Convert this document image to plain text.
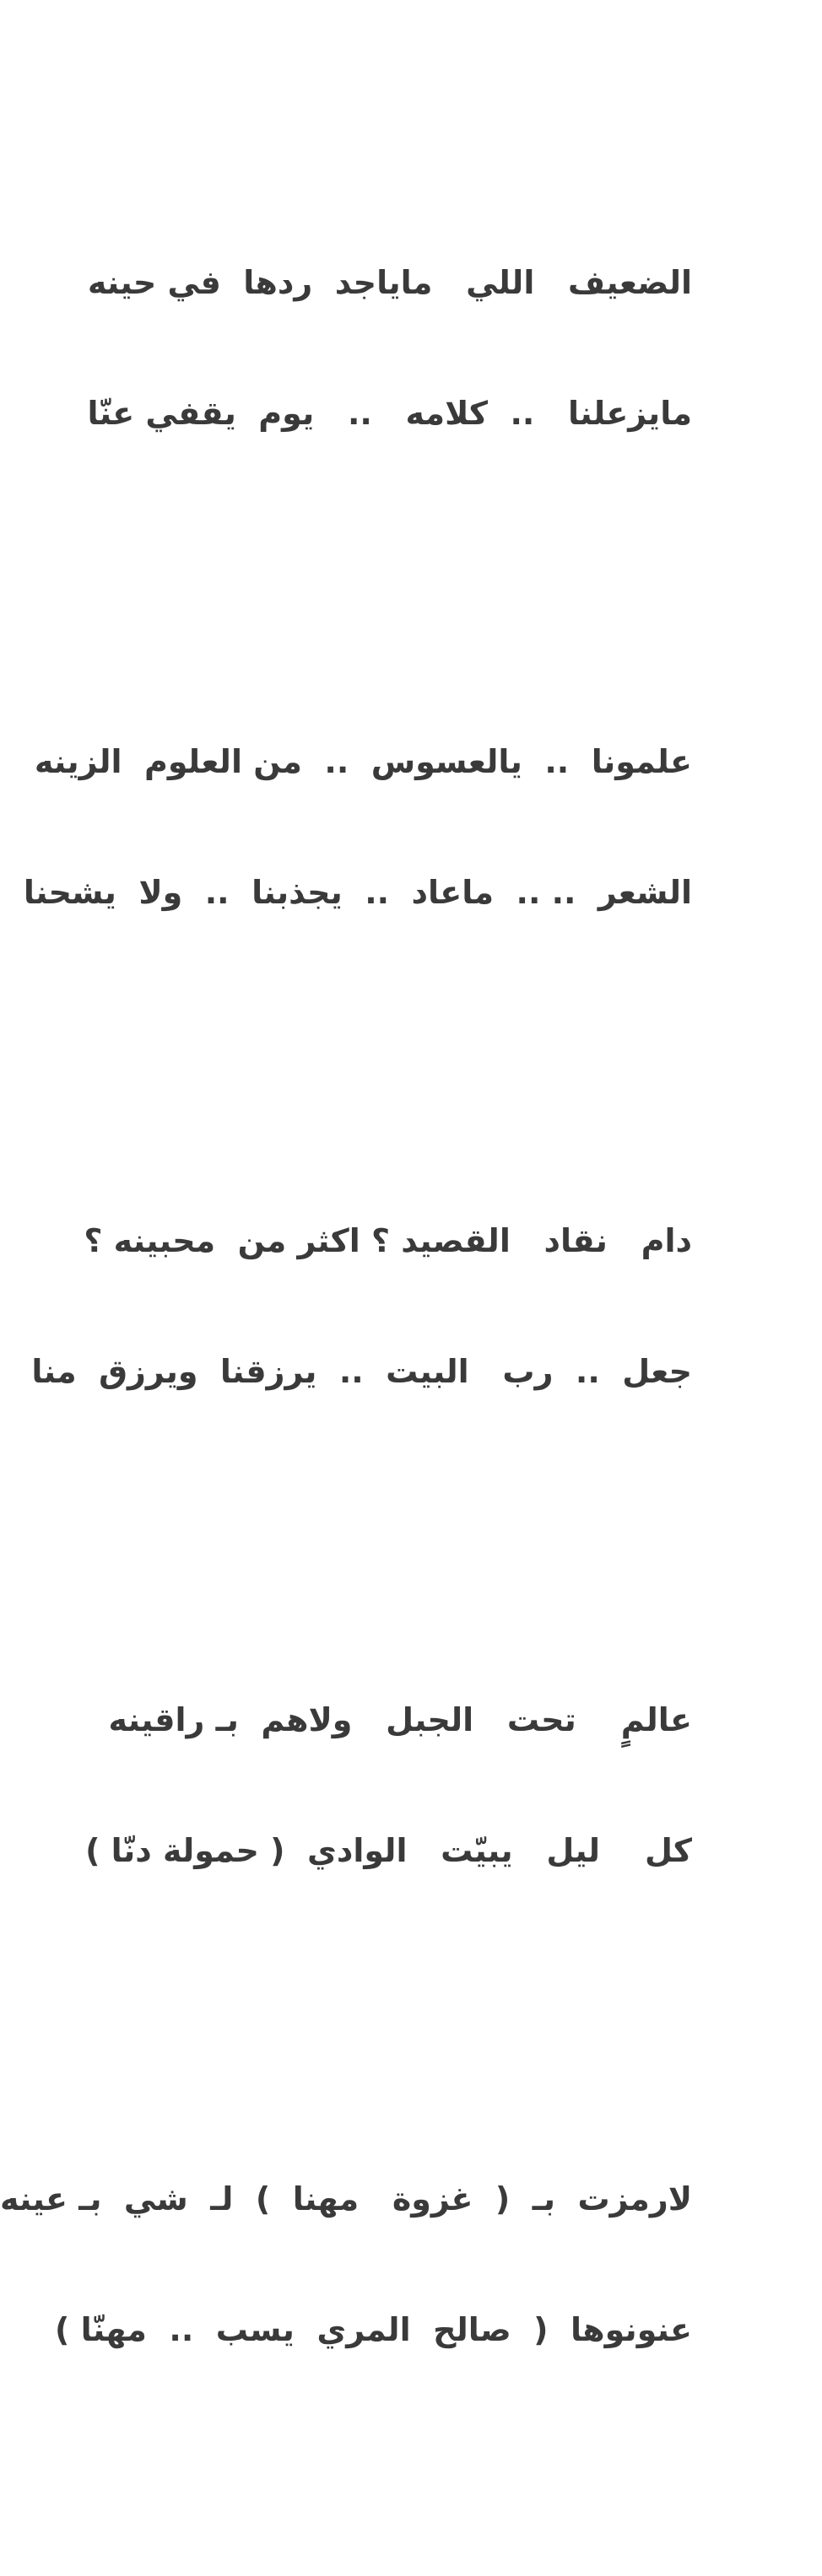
الضعيف   اللي   مايا​جد  ردها  في حينه

مايزعلنا   ..  كلامه   ..   يوم  يقفي عنّا

علمونا  ..  يالعسوس  ..  من العلوم  الزينه

الشعر  .. ..  ماعاد  ..  يجذبنا  ..  ولا  يشحنا

دام   نقاد   القصيد ؟ اكثر من  محبينه ؟

جعل  ..  رب   البيت  ..  يرزقنا  ويرزق  منا

عالمٍ    تحت   الجبل   ولاهم  بـ راقينه

كل    ليل   يبيّت   الوادي  ( حمولة دنّا )

لارمزت  بـ  (  غزوة   مهنا  )  لـ  شي  بـ عينه

عنونوها  (  صالح  المري  يسب  ..  مهنّا )
